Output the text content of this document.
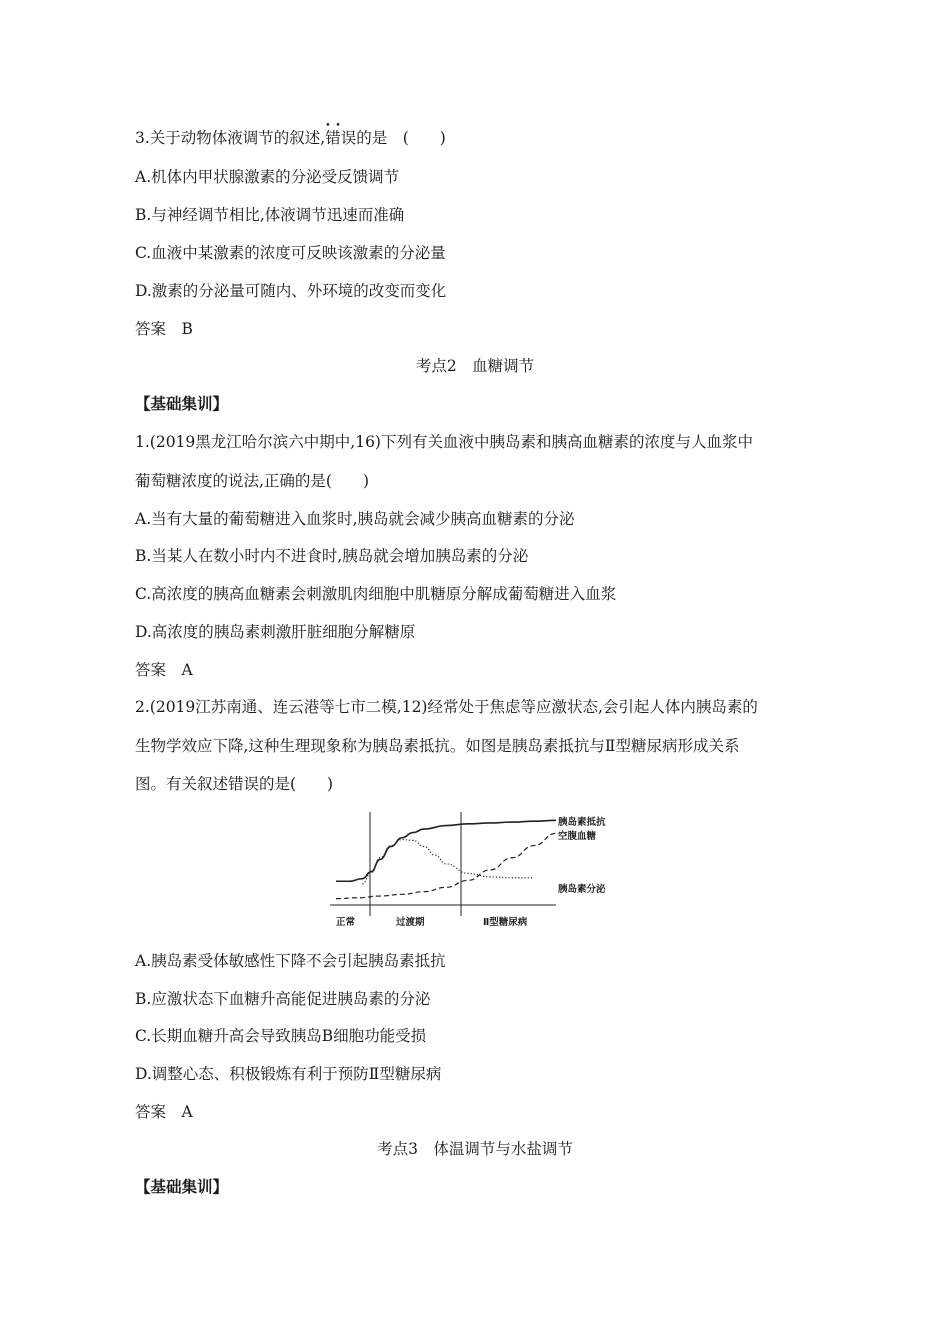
3.关于动物体液调节的叙述,• • 错误的是　(　　)
A.机体内甲状腺激素的分泌受反馈调节
B.与神经调节相比,体液调节迅速而准确
C.血液中某激素的浓度可反映该激素的分泌量
D.激素的分泌量可随内、外环境的改变而变化
答案　B
考点2　血糖调节
【基础集训】
1.(2019黑龙江哈尔滨六中期中,16)下列有关血液中胰岛素和胰高血糖素的浓度与人血浆中
葡萄糖浓度的说法,正确的是(　　)
A.当有大量的葡萄糖进入血浆时,胰岛就会减少胰高血糖素的分泌
B.当某人在数小时内不进食时,胰岛就会增加胰岛素的分泌
C.高浓度的胰高血糖素会刺激肌肉细胞中肌糖原分解成葡萄糖进入血浆
D.高浓度的胰岛素刺激肝脏细胞分解糖原
答案　A
2.(2019江苏南通、连云港等七市二模,12)经常处于焦虑等应激状态,会引起人体内胰岛素的
生物学效应下降,这种生理现象称为胰岛素抵抗。如图是胰岛素抵抗与Ⅱ型糖尿病形成关系
图。有关叙述错误的是(　　)
正常	过渡期	Ⅱ型糖尿病
胰岛素抵抗
空腹血糖
胰岛素分泌
A.胰岛素受体敏感性下降不会引起胰岛素抵抗
B.应激状态下血糖升高能促进胰岛素的分泌
C.长期血糖升高会导致胰岛B细胞功能受损
D.调整心态、积极锻炼有利于预防Ⅱ型糖尿病
答案　A
考点3　体温调节与水盐调节
【基础集训】
